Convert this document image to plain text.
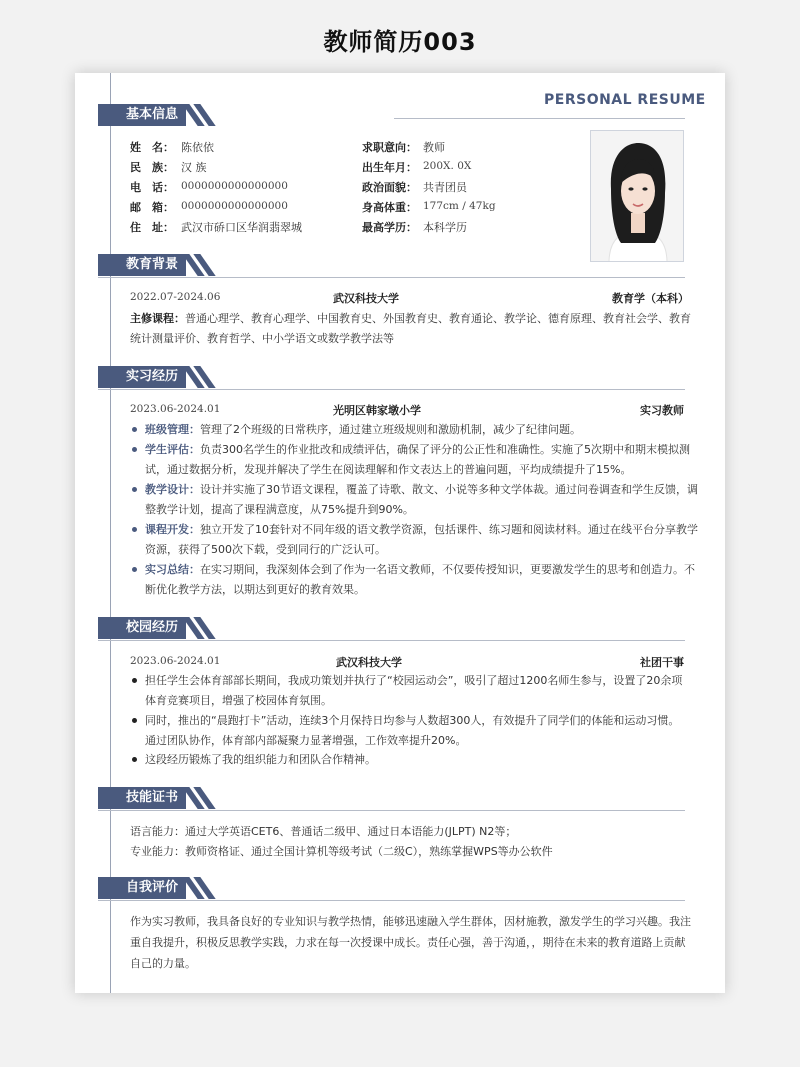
教师简历003
PERSONAL RESUME
基本信息
姓　名： 陈依依
民　族： 汉 族
电　话： 0000000000000000
邮　箱： 0000000000000000
住　址： 武汉市硚口区华润翡翠城
求职意向： 教师
出生年月： 200X. 0X
政治面貌： 共青团员
身高体重： 177cm / 47kg
最高学历： 本科学历
教育背景
2022.07-2024.06	武汉科技大学	教育学（本科）
主修课程： 普通心理学、教育心理学、中国教育史、外国教育史、教育通论、教学论、德育原理、教育社会学、教育
统计测量评价、教育哲学、中小学语文或数学教学法等
实习经历
2023.06-2024.01	光明区韩家墩小学	实习教师
班级管理： 管理了2个班级的日常秩序，通过建立班级规则和激励机制，减少了纪律问题。
学生评估： 负责300名学生的作业批改和成绩评估，确保了评分的公正性和准确性。实施了5次期中和期末模拟测
试，通过数据分析，发现并解决了学生在阅读理解和作文表达上的普遍问题，平均成绩提升了15%。
教学设计： 设计并实施了30节语文课程，覆盖了诗歌、散文、小说等多种文学体裁。通过问卷调查和学生反馈，调
整教学计划，提高了课程满意度，从75%提升到90%。
课程开发： 独立开发了10套针对不同年级的语文教学资源，包括课件、练习题和阅读材料。通过在线平台分享教学
资源，获得了500次下载，受到同行的广泛认可。
实习总结： 在实习期间，我深刻体会到了作为一名语文教师，不仅要传授知识，更要激发学生的思考和创造力。不
断优化教学方法，以期达到更好的教育效果。
校园经历
2023.06-2024.01	武汉科技大学	社团干事
担任学生会体育部部长期间，我成功策划并执行了“校园运动会”，吸引了超过1200名师生参与，设置了20余项
体育竞赛项目，增强了校园体育氛围。
同时，推出的“晨跑打卡”活动，连续3个月保持日均参与人数超300人，有效提升了同学们的体能和运动习惯。
通过团队协作，体育部内部凝聚力显著增强，工作效率提升20%。
这段经历锻炼了我的组织能力和团队合作精神。
技能证书
语言能力：通过大学英语CET6、普通话二级甲、通过日本语能力(JLPT) N2等；
专业能力：教师资格证、通过全国计算机等级考试（二级C），熟练掌握WPS等办公软件
自我评价
作为实习教师，我具备良好的专业知识与教学热情，能够迅速融入学生群体，因材施教，激发学生的学习兴趣。我注
重自我提升，积极反思教学实践，力求在每一次授课中成长。责任心强，善于沟通，，期待在未来的教育道路上贡献
自己的力量。
